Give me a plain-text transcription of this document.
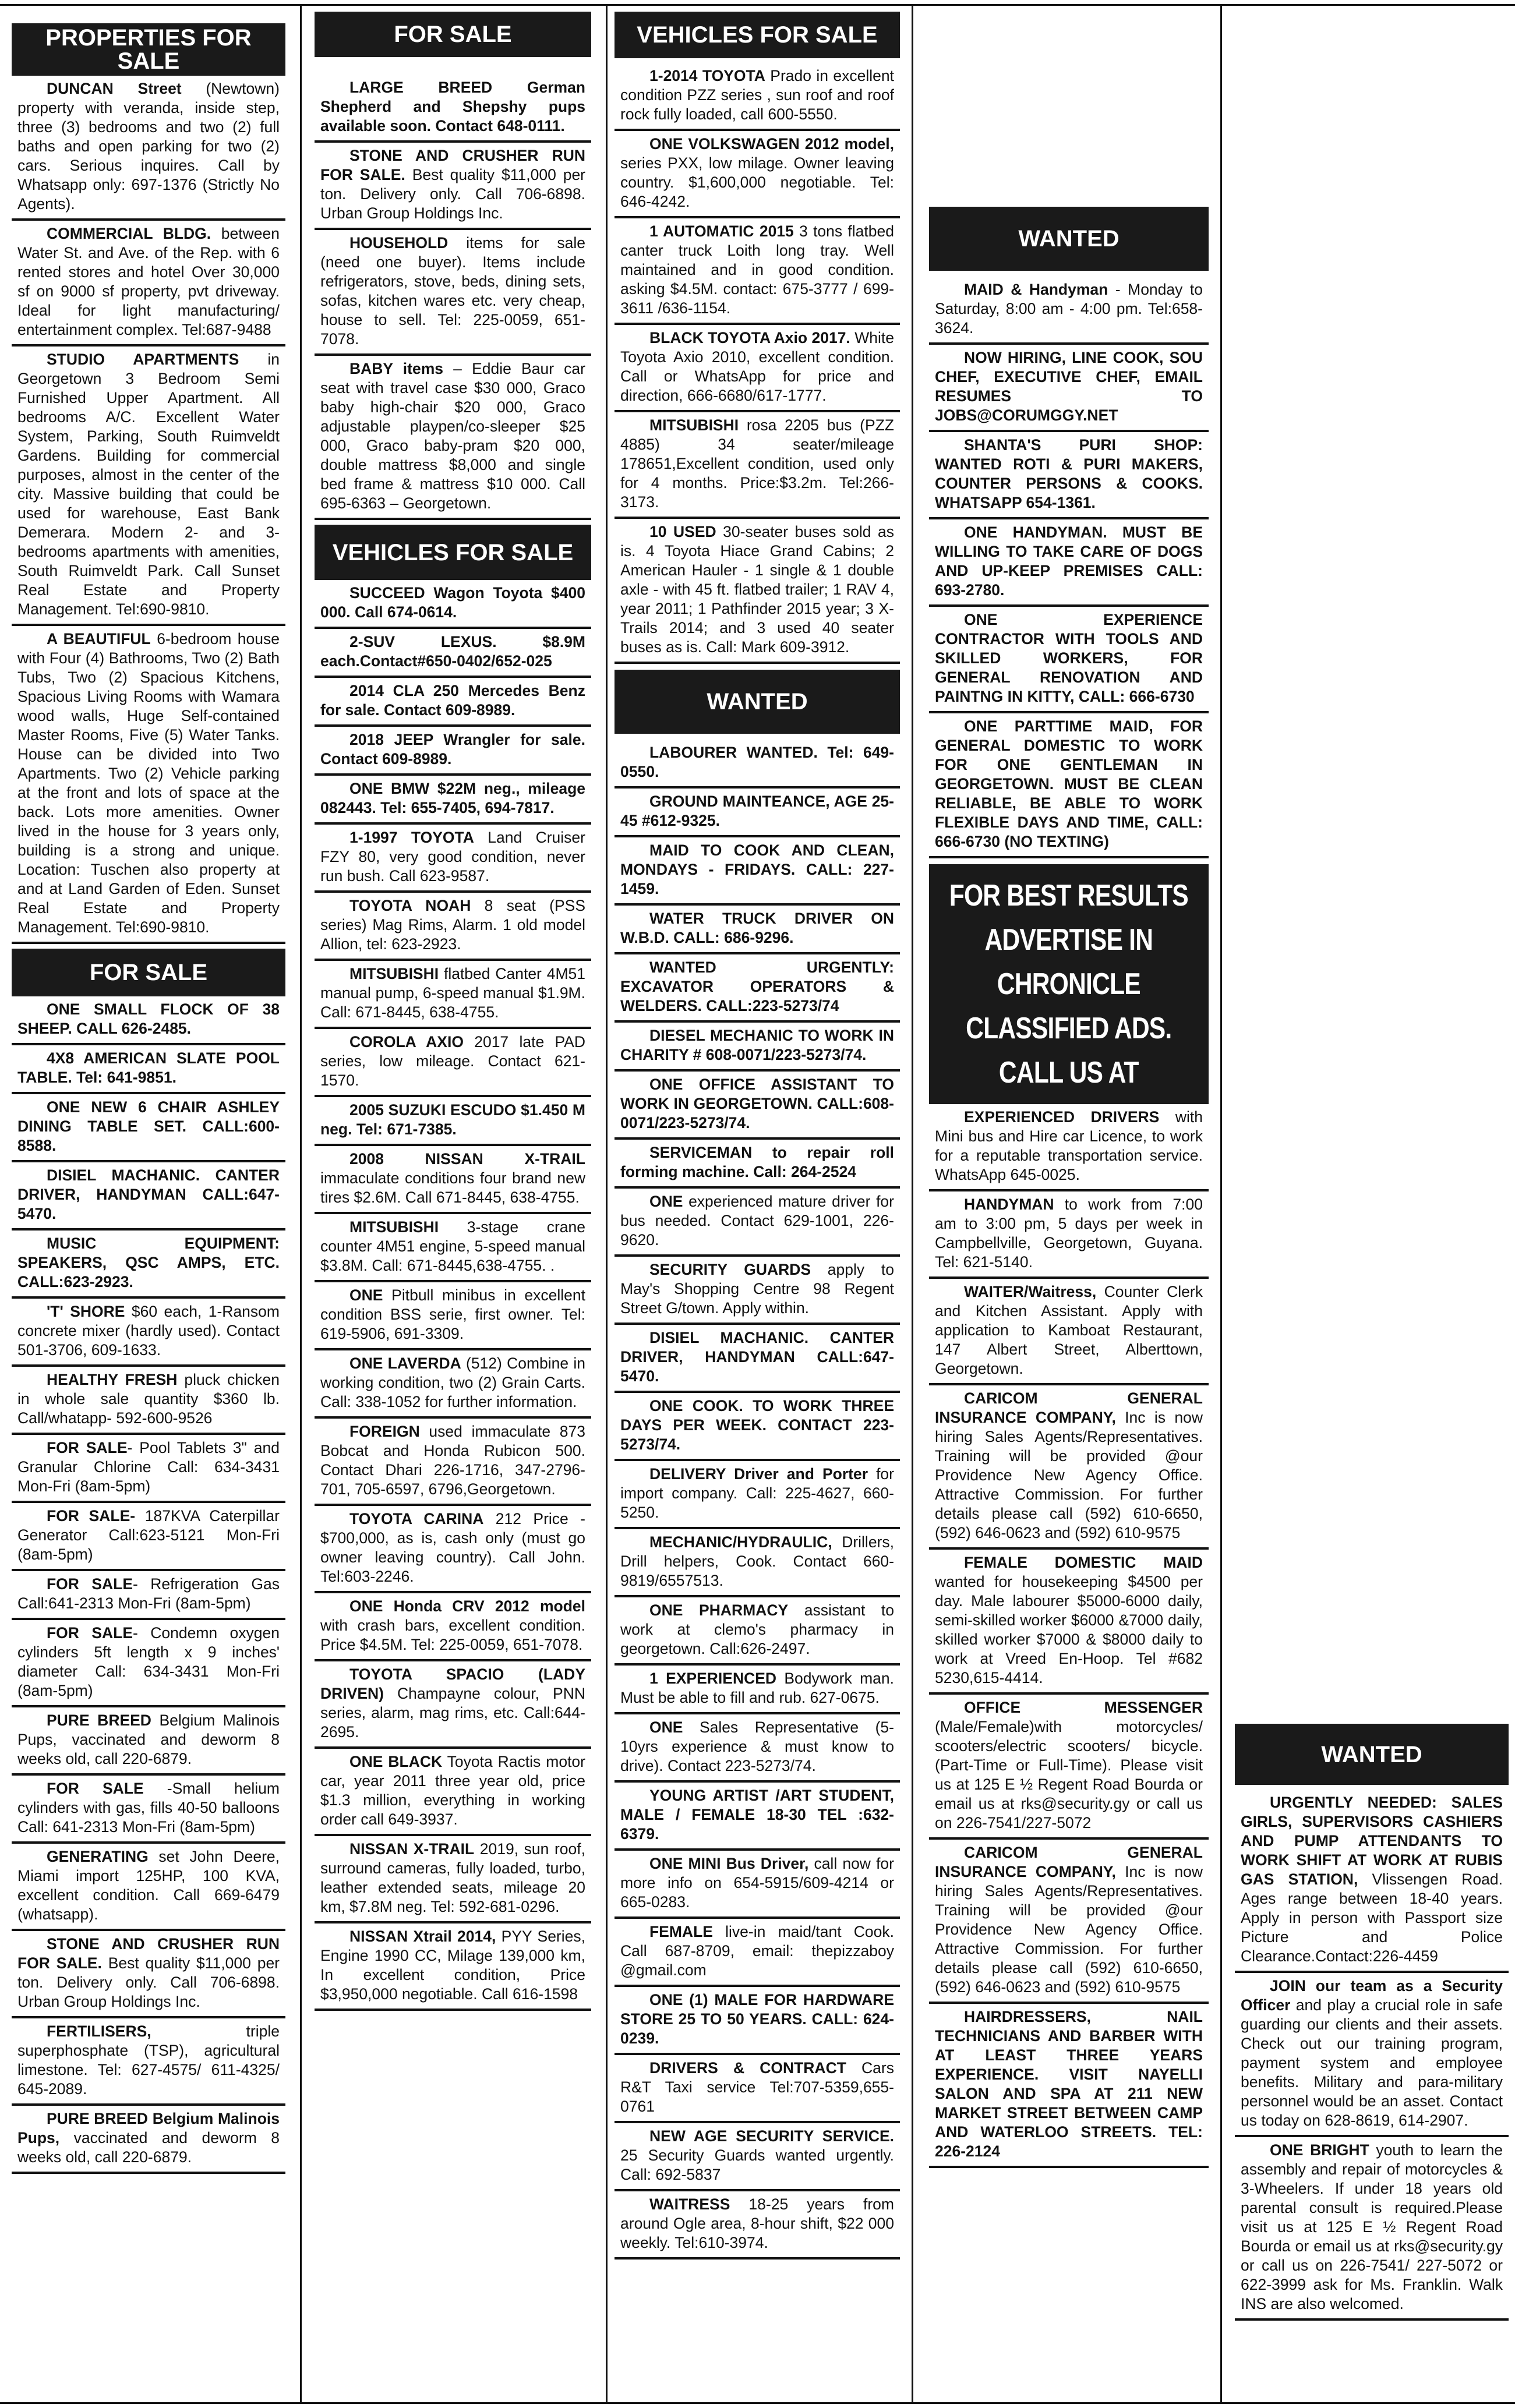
PROPERTIES FOR SALE
DUNCAN Street (Newtown) property with veranda, inside step, three (3) bedrooms and two (2) full baths and open parking for two (2) cars. Serious inquires. Call by Whatsapp only: 697-1376 (Strictly No Agents).
COMMERCIAL BLDG. between Water St. and Ave. of the Rep. with 6 rented stores and hotel Over 30,000 sf on 9000 sf property, pvt driveway. Ideal for light manufacturing/ entertainment complex. Tel:687-9488
STUDIO APARTMENTS in Georgetown 3 Bedroom Semi Furnished Upper Apartment. All bedrooms A/C. Excellent Water System, Parking, South Ruimveldt Gardens. Building for commercial purposes, almost in the center of the city. Massive building that could be used for warehouse, East Bank Demerara. Modern 2- and 3-bedrooms apartments with amenities, South Ruimveldt Park. Call Sunset Real Estate and Property Management. Tel:690-9810.
A BEAUTIFUL 6-bedroom house with Four (4) Bathrooms, Two (2) Bath Tubs, Two (2) Spacious Kitchens, Spacious Living Rooms with Wamara wood walls, Huge Self-contained Master Rooms, Five (5) Water Tanks. House can be divided into Two Apartments. Two (2) Vehicle parking at the front and lots of space at the back. Lots more amenities. Owner lived in the house for 3 years only, building is a strong and unique. Location: Tuschen also property at and at Land Garden of Eden. Sunset Real Estate and Property Management. Tel:690-9810.
FOR SALE
ONE SMALL FLOCK OF 38 SHEEP. CALL 626-2485.
4X8 AMERICAN SLATE POOL TABLE. Tel: 641-9851.
ONE NEW 6 CHAIR ASHLEY DINING TABLE SET. CALL:600-8588.
DISIEL MACHANIC. CANTER DRIVER, HANDYMAN CALL:647-5470.
MUSIC EQUIPMENT: SPEAKERS, QSC AMPS, ETC. CALL:623-2923.
'T' SHORE $60 each, 1-Ransom concrete mixer (hardly used). Contact 501-3706, 609-1633.
HEALTHY FRESH pluck chicken in whole sale quantity $360 lb. Call/whatapp- 592-600-9526
FOR SALE- Pool Tablets 3" and Granular Chlorine Call: 634-3431 Mon-Fri (8am-5pm)
FOR SALE- 187KVA Caterpillar Generator Call:623-5121 Mon-Fri (8am-5pm)
FOR SALE- Refrigeration Gas Call:641-2313 Mon-Fri (8am-5pm)
FOR SALE- Condemn oxygen cylinders 5ft length x 9 inches' diameter Call: 634-3431 Mon-Fri (8am-5pm)
PURE BREED Belgium Malinois Pups, vaccinated and deworm 8 weeks old, call 220-6879.
FOR SALE -Small helium cylinders with gas, fills 40-50 balloons Call: 641-2313 Mon-Fri (8am-5pm)
GENERATING set John Deere, Miami import 125HP, 100 KVA, excellent condition. Call 669-6479 (whatsapp).
STONE AND CRUSHER RUN FOR SALE. Best quality $11,000 per ton. Delivery only. Call 706-6898. Urban Group Holdings Inc.
FERTILISERS, triple superphosphate (TSP), agricultural limestone. Tel: 627-4575/ 611-4325/ 645-2089.
PURE BREED Belgium Malinois Pups, vaccinated and deworm 8 weeks old, call 220-6879.
FOR SALE
LARGE BREED German Shepherd and Shepshy pups available soon. Contact 648-0111.
STONE AND CRUSHER RUN FOR SALE. Best quality $11,000 per ton. Delivery only. Call 706-6898. Urban Group Holdings Inc.
HOUSEHOLD items for sale (need one buyer). Items include refrigerators, stove, beds, dining sets, sofas, kitchen wares etc. very cheap, house to sell. Tel: 225-0059, 651-7078.
BABY items – Eddie Baur car seat with travel case $30 000, Graco baby high-chair $20 000, Graco adjustable playpen/co-sleeper $25 000, Graco baby-pram $20 000, double mattress $8,000 and single bed frame & mattress $10 000. Call 695-6363 – Georgetown.
VEHICLES FOR SALE
SUCCEED Wagon Toyota $400 000. Call 674-0614.
2-SUV LEXUS. $8.9M each.Contact#650-0402/652-025
2014 CLA 250 Mercedes Benz for sale. Contact 609-8989.
2018 JEEP Wrangler for sale. Contact 609-8989.
ONE BMW $22M neg., mileage 082443. Tel: 655-7405, 694-7817.
1-1997 TOYOTA Land Cruiser FZY 80, very good condition, never run bush. Call 623-9587.
TOYOTA NOAH 8 seat (PSS series) Mag Rims, Alarm. 1 old model Allion, tel: 623-2923.
MITSUBISHI flatbed Canter 4M51 manual pump, 6-speed manual $1.9M. Call: 671-8445, 638-4755.
COROLA AXIO 2017 late PAD series, low mileage. Contact 621-1570.
2005 SUZUKI ESCUDO $1.450 M neg. Tel: 671-7385.
2008 NISSAN X-TRAIL immaculate conditions four brand new tires $2.6M. Call 671-8445, 638-4755.
MITSUBISHI 3-stage crane counter 4M51 engine, 5-speed manual $3.8M. Call: 671-8445,638-4755. .
ONE Pitbull minibus in excellent condition BSS serie, first owner. Tel: 619-5906, 691-3309.
ONE LAVERDA (512) Combine in working condition, two (2) Grain Carts. Call: 338-1052 for further information.
FOREIGN used immaculate 873 Bobcat and Honda Rubicon 500. Contact Dhari 226-1716, 347-2796-701, 705-6597, 6796,Georgetown.
TOYOTA CARINA 212 Price - $700,000, as is, cash only (must go owner leaving country). Call John. Tel:603-2246.
ONE Honda CRV 2012 model with crash bars, excellent condition. Price $4.5M. Tel: 225-0059, 651-7078.
TOYOTA SPACIO (LADY DRIVEN) Champayne colour, PNN series, alarm, mag rims, etc. Call:644-2695.
ONE BLACK Toyota Ractis motor car, year 2011 three year old, price $1.3 million, everything in working order call 649-3937.
NISSAN X-TRAIL 2019, sun roof, surround cameras, fully loaded, turbo, leather extended seats, mileage 20 km, $7.8M neg. Tel: 592-681-0296.
NISSAN Xtrail 2014, PYY Series, Engine 1990 CC, Milage 139,000 km, In excellent condition, Price $3,950,000 negotiable. Call 616-1598
VEHICLES FOR SALE
1-2014 TOYOTA Prado in excellent condition PZZ series , sun roof and roof rock fully loaded, call 600-5550.
ONE VOLKSWAGEN 2012 model, series PXX, low milage. Owner leaving country. $1,600,000 negotiable. Tel: 646-4242.
1 AUTOMATIC 2015 3 tons flatbed canter truck Loith long tray. Well maintained and in good condition. asking $4.5M. contact: 675-3777 / 699-3611 /636-1154.
BLACK TOYOTA Axio 2017. White Toyota Axio 2010, excellent condition. Call or WhatsApp for price and direction, 666-6680/617-1777.
MITSUBISHI rosa 2205 bus (PZZ 4885) 34 seater/mileage 178651,Excellent condition, used only for 4 months. Price:$3.2m. Tel:266-3173.
10 USED 30-seater buses sold as is. 4 Toyota Hiace Grand Cabins; 2 American Hauler - 1 single & 1 double axle - with 45 ft. flatbed trailer; 1 RAV 4, year 2011; 1 Pathfinder 2015 year; 3 X-Trails 2014; and 3 used 40 seater buses as is. Call: Mark 609-3912.
WANTED
LABOURER WANTED. Tel: 649-0550.
GROUND MAINTEANCE, AGE 25-45 #612-9325.
MAID TO COOK AND CLEAN, MONDAYS - FRIDAYS. CALL: 227-1459.
WATER TRUCK DRIVER ON W.B.D. CALL: 686-9296.
WANTED URGENTLY: EXCAVATOR OPERATORS & WELDERS. CALL:223-5273/74
DIESEL MECHANIC TO WORK IN CHARITY # 608-0071/223-5273/74.
ONE OFFICE ASSISTANT TO WORK IN GEORGETOWN. CALL:608-0071/223-5273/74.
SERVICEMAN to repair roll forming machine. Call: 264-2524
ONE experienced mature driver for bus needed. Contact 629-1001, 226-9620.
SECURITY GUARDS apply to May's Shopping Centre 98 Regent Street G/town. Apply within.
DISIEL MACHANIC. CANTER DRIVER, HANDYMAN CALL:647-5470.
ONE COOK. TO WORK THREE DAYS PER WEEK. CONTACT 223-5273/74.
DELIVERY Driver and Porter for import company. Call: 225-4627, 660-5250.
MECHANIC/HYDRAULIC, Drillers, Drill helpers, Cook. Contact 660-9819/6557513.
ONE PHARMACY assistant to work at clemo's pharmacy in georgetown. Call:626-2497.
1 EXPERIENCED Bodywork man. Must be able to fill and rub. 627-0675.
ONE Sales Representative (5-10yrs experience & must know to drive). Contact 223-5273/74.
YOUNG ARTIST /ART STUDENT, MALE / FEMALE 18-30 TEL :632-6379.
ONE MINI Bus Driver, call now for more info on 654-5915/609-4214 or 665-0283.
FEMALE live-in maid/tant Cook. Call 687-8709, email: thepizzaboy @gmail.com
ONE (1) MALE FOR HARDWARE STORE 25 TO 50 YEARS. CALL: 624-0239.
DRIVERS & CONTRACT Cars R&T Taxi service Tel:707-5359,655-0761
NEW AGE SECURITY SERVICE. 25 Security Guards wanted urgently. Call: 692-5837
WAITRESS 18-25 years from around Ogle area, 8-hour shift, $22 000 weekly. Tel:610-3974.
WANTED
MAID & Handyman - Monday to Saturday, 8:00 am - 4:00 pm. Tel:658-3624.
NOW HIRING, LINE COOK, SOU CHEF, EXECUTIVE CHEF, EMAIL RESUMES TO JOBS@CORUMGGY.NET
SHANTA'S PURI SHOP: WANTED ROTI & PURI MAKERS, COUNTER PERSONS & COOKS. WHATSAPP 654-1361.
ONE HANDYMAN. MUST BE WILLING TO TAKE CARE OF DOGS AND UP-KEEP PREMISES CALL: 693-2780.
ONE EXPERIENCE CONTRACTOR WITH TOOLS AND SKILLED WORKERS, FOR GENERAL RENOVATION AND PAINTNG IN KITTY, CALL: 666-6730
ONE PARTTIME MAID, FOR GENERAL DOMESTIC TO WORK FOR ONE GENTLEMAN IN GEORGETOWN. MUST BE CLEAN RELIABLE, BE ABLE TO WORK FLEXIBLE DAYS AND TIME, CALL: 666-6730 (NO TEXTING)
FOR BEST RESULTS ADVERTISE IN CHRONICLE CLASSIFIED ADS. CALL US AT
EXPERIENCED DRIVERS with Mini bus and Hire car Licence, to work for a reputable transportation service. WhatsApp 645-0025.
HANDYMAN to work from 7:00 am to 3:00 pm, 5 days per week in Campbellville, Georgetown, Guyana. Tel: 621-5140.
WAITER/Waitress, Counter Clerk and Kitchen Assistant. Apply with application to Kamboat Restaurant, 147 Albert Street, Alberttown, Georgetown.
CARICOM GENERAL INSURANCE COMPANY, Inc is now hiring Sales Agents/Representatives. Training will be provided @our Providence New Agency Office. Attractive Commission. For further details please call (592) 610-6650, (592) 646-0623 and (592) 610-9575
FEMALE DOMESTIC MAID wanted for housekeeping $4500 per day. Male labourer $5000-6000 daily, semi-skilled worker $6000 &7000 daily, skilled worker $7000 & $8000 daily to work at Vreed En-Hoop. Tel #682 5230,615-4414.
OFFICE MESSENGER (Male/Female)with motorcycles/ scooters/electric scooters/ bicycle.(Part-Time or Full-Time). Please visit us at 125 E ½ Regent Road Bourda or email us at rks@security.gy or call us on 226-7541/227-5072
CARICOM GENERAL INSURANCE COMPANY, Inc is now hiring Sales Agents/Representatives. Training will be provided @our Providence New Agency Office. Attractive Commission. For further details please call (592) 610-6650, (592) 646-0623 and (592) 610-9575
HAIRDRESSERS, NAIL TECHNICIANS AND BARBER WITH AT LEAST THREE YEARS EXPERIENCE. VISIT NAYELLI SALON AND SPA AT 211 NEW MARKET STREET BETWEEN CAMP AND WATERLOO STREETS. TEL: 226-2124
WANTED
URGENTLY NEEDED: SALES GIRLS, SUPERVISORS CASHIERS AND PUMP ATTENDANTS TO WORK SHIFT AT WORK AT RUBIS GAS STATION, Vlissengen Road. Ages range between 18-40 years. Apply in person with Passport size Picture and Police Clearance.Contact:226-4459
JOIN our team as a Security Officer and play a crucial role in safe guarding our clients and their assets. Check out our training program, payment system and employee benefits. Military and para-military personnel would be an asset. Contact us today on 628-8619, 614-2907.
ONE BRIGHT youth to learn the assembly and repair of motorcycles & 3-Wheelers. If under 18 years old parental consult is required.Please visit us at 125 E ½ Regent Road Bourda or email us at rks@security.gy or call us on 226-7541/ 227-5072 or 622-3999 ask for Ms. Franklin. Walk INS are also welcomed.
